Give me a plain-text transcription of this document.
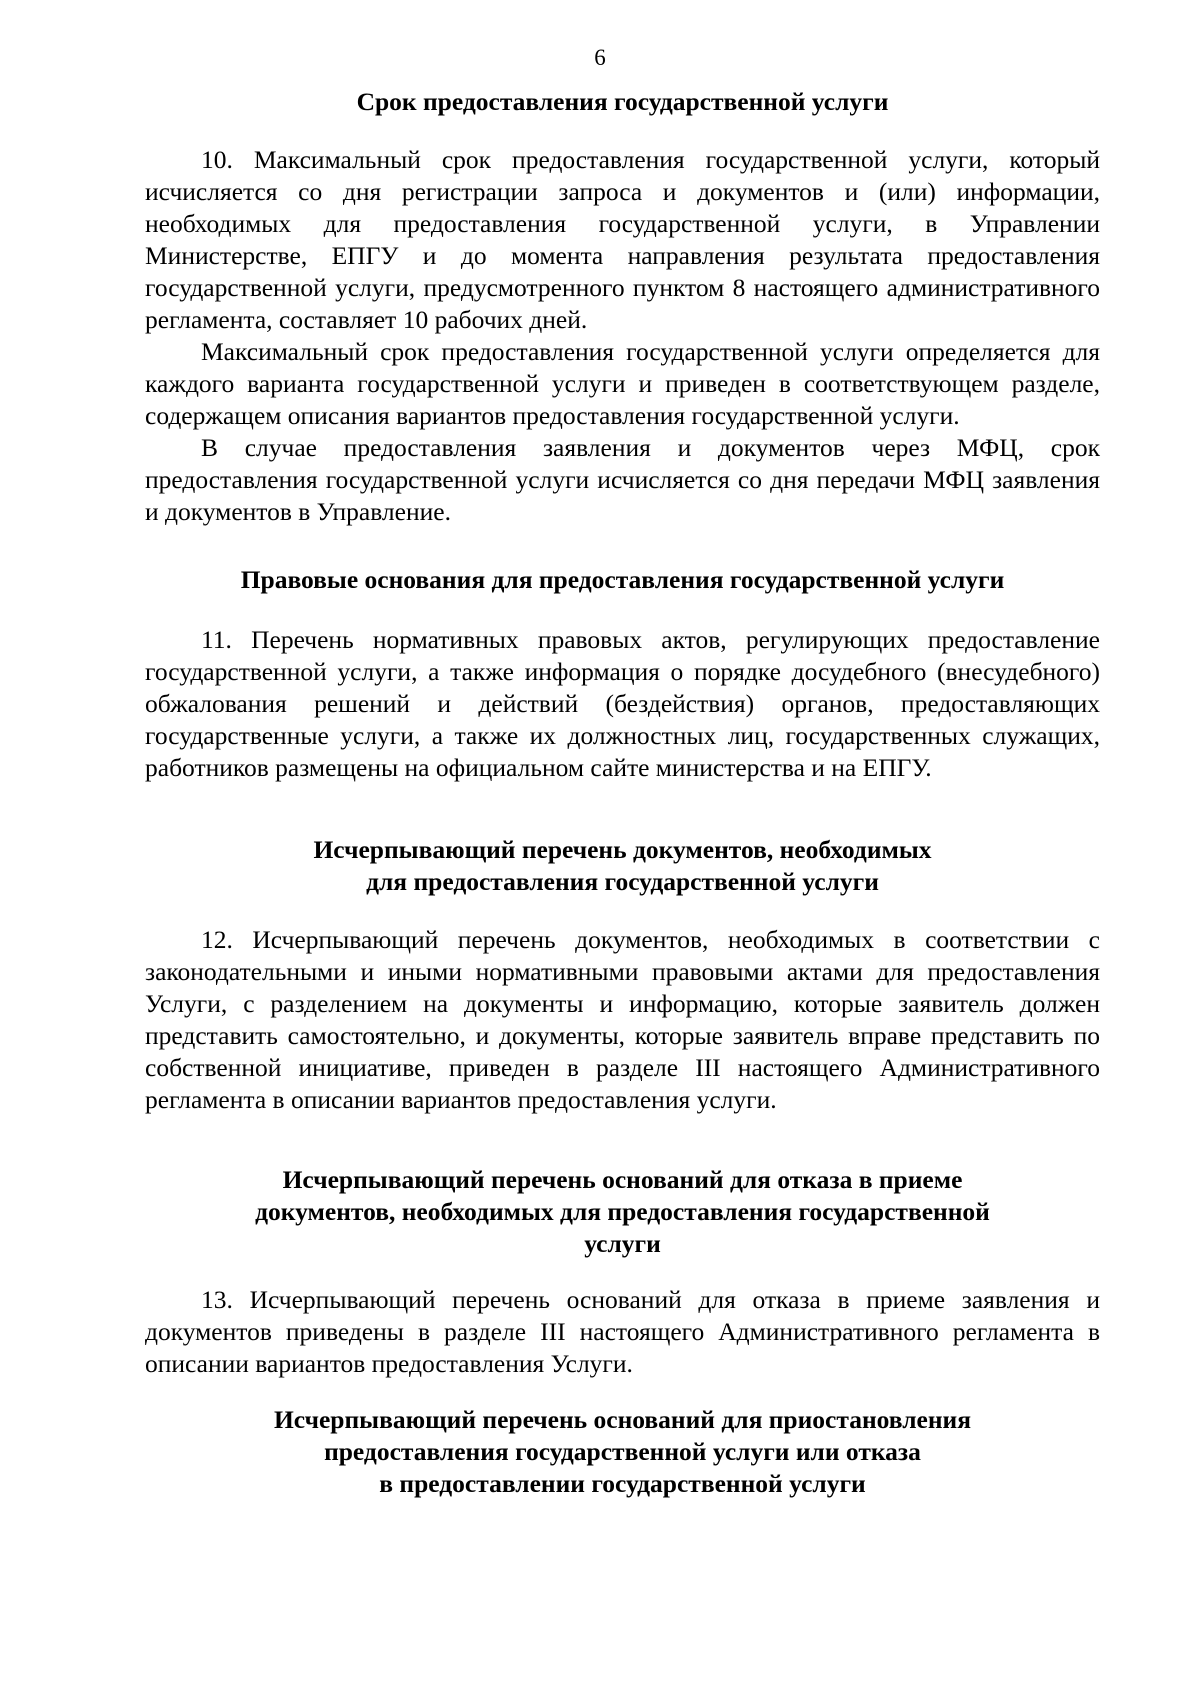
6
Срок предоставления государственной услуги

10. Максимальный срок предоставления государственной услуги, который исчисляется со дня регистрации запроса и документов и (или) информации, необходимых для предоставления государственной услуги, в Управлении Министерстве, ЕПГУ и до момента направления результата предоставления государственной услуги, предусмотренного пунктом 8 настоящего административного регламента, составляет 10 рабочих дней.

Максимальный срок предоставления государственной услуги определяется для каждого варианта государственной услуги и приведен в соответствующем разделе, содержащем описания вариантов предоставления государственной услуги.

В случае предоставления заявления и документов через МФЦ, срок предоставления государственной услуги исчисляется со дня передачи МФЦ заявления и документов в Управление.

Правовые основания для предоставления государственной услуги

11. Перечень нормативных правовых актов, регулирующих предоставление государственной услуги, а также информация о порядке досудебного (внесудебного) обжалования решений и действий (бездействия) органов, предоставляющих государственные услуги, а также их должностных лиц, государственных служащих, работников размещены на официальном сайте министерства и на ЕПГУ.

Исчерпывающий перечень документов, необходимых
для предоставления государственной услуги

12. Исчерпывающий перечень документов, необходимых в соответствии с законодательными и иными нормативными правовыми актами для предоставления Услуги, с разделением на документы и информацию, которые заявитель должен представить самостоятельно, и документы, которые заявитель вправе представить по собственной инициативе, приведен в разделе III настоящего Административного регламента в описании вариантов предоставления услуги.

Исчерпывающий перечень оснований для отказа в приеме
документов, необходимых для предоставления государственной
услуги

13. Исчерпывающий перечень оснований для отказа в приеме заявления и документов приведены в разделе III настоящего Административного регламента в описании вариантов предоставления Услуги.

Исчерпывающий перечень оснований для приостановления
предоставления государственной услуги или отказа
в предоставлении государственной услуги
